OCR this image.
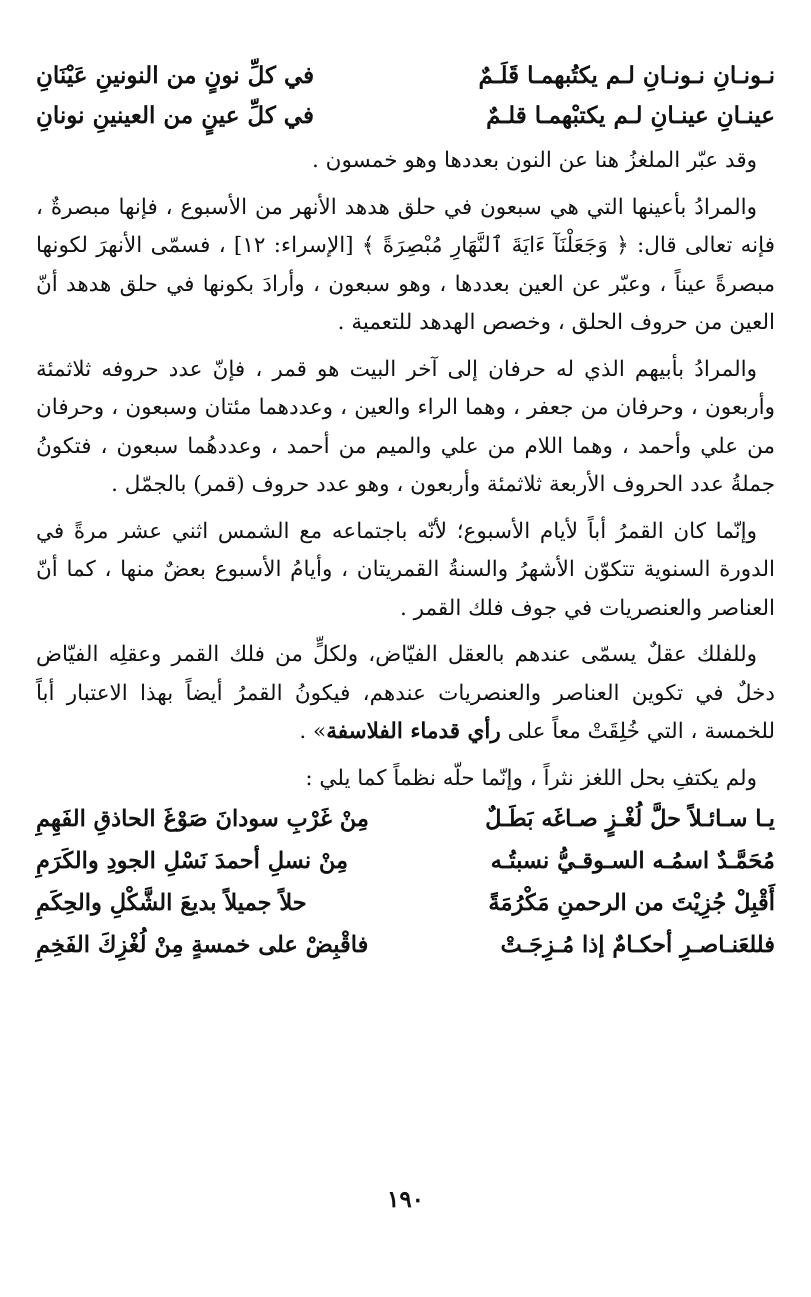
نـونـانِ نـونـانِ لـم يكتُبهمـا قَلَـمٌ
في كلِّ نونٍ من النونينِ عَيْنَانِ
عينـانِ عينـانِ لـم يكتبْهمـا قلـمٌ
في كلِّ عينٍ من العينينِ نونانِ

وقد عبّر الملغزُ هنا عن النون بعددها وهو خمسون .

والمرادُ بأعينها التي هي سبعون في حلق هدهد الأنهر من الأسبوع ، فإنها مبصرةٌ ، فإنه تعالى قال: ﴿ وَجَعَلْنَآ ءَايَةَ ٱلنَّهَارِ مُبْصِرَةً ﴾ [الإسراء: ١٢] ، فسمّى الأنهرَ لكونها مبصرةً عيناً ، وعبّر عن العين بعددها ، وهو سبعون ، وأرادَ بكونها في حلق هدهد أنّ العين من حروف الحلق ، وخصص الهدهد للتعمية .

والمرادُ بأبيهم الذي له حرفان إلى آخر البيت هو قمر ، فإنّ عدد حروفه ثلاثمئة وأربعون ، وحرفان من جعفر ، وهما الراء والعين ، وعددهما مئتان وسبعون ، وحرفان من علي وأحمد ، وهما اللام من علي والميم من أحمد ، وعددهُما سبعون ، فتكونُ جملةُ عدد الحروف الأربعة ثلاثمئة وأربعون ، وهو عدد حروف (قمر) بالجمّل .

وإنّما كان القمرُ أباً لأيام الأسبوع؛ لأنّه باجتماعه مع الشمس اثني عشر مرةً في الدورة السنوية تتكوّن الأشهرُ والسنةُ القمريتان ، وأيامُ الأسبوع بعضٌ منها ، كما أنّ العناصر والعنصريات في جوف فلك القمر .

وللفلك عقلٌ يسمّى عندهم بالعقل الفيّاض، ولكلٍّ من فلك القمر وعقلِه الفيّاض دخلٌ في تكوين العناصر والعنصريات عندهم، فيكونُ القمرُ أيضاً بهذا الاعتبار أباً للخمسة ، التي خُلِقَتْ معاً على رأي قدماء الفلاسفة» .

ولم يكتفِ بحل اللغز نثراً ، وإنّما حلّه نظماً كما يلي :

يـا سـائـلاً حلَّ لُغْـزٍ صـاغَه بَطَـلٌ
مِنْ غَرْبِ سودانَ صَوْغَ الحاذقِ الفَهِمِ
مُحَمَّـدٌ اسمُـه السـوقـيُّ نسبتُـه
مِنْ نسلِ أحمدَ نَسْلِ الجودِ والكَرَمِ
أَقْبِلْ جُزِيْتَ من الرحمنِ مَكْرُمَةً
حلاً جميلاً بديعَ الشَّكْلِ والحِكَمِ
فللعَنـاصـرِ أحكـامٌ إذا مُـزِجَـتْ
فاقْبِضْ على خمسةٍ مِنْ لُغْزِكَ الفَخِمِ
١٩٠
